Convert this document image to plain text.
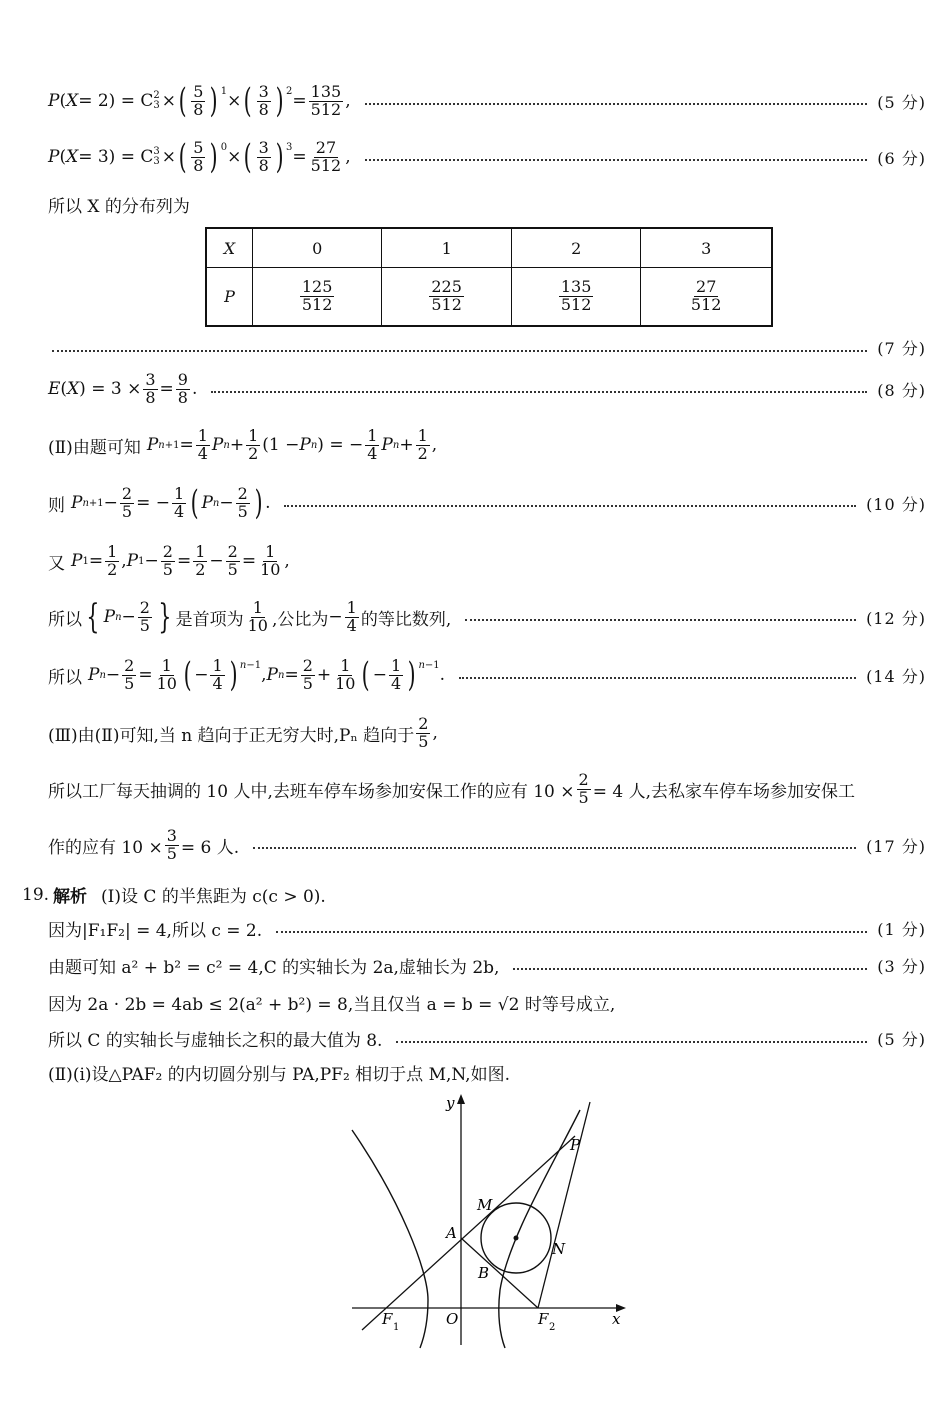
P ( X = 2) = C 2
3 × ( $\frac{5}{8}$ ) $^1$ × ( $\frac{3}{8}$ ) $^2 = \frac{135}{512}$ ,	(5 分)
P ( X = 3) = C 3
3 × ( $\frac{5}{8}$ ) $^0$ × ( $\frac{3}{8}$ ) $^3 = \frac{27}{512}$ ,	(6 分)
所以 X 的分布列为
X	0	1	2	3
P	$\frac{125}{512}$	$\frac{225}{512}$	$\frac{135}{512}$	$\frac{27}{512}$
(7 分)
E ( X ) = $3 \times \frac{3}{8} = \frac{9}{8}$ .	(8 分)
(Ⅱ)由题可知 P $n+1 = \frac{1}{4}$ P $n + \frac{1}{2} (1 - P$ n ) = − $\frac{1}{4}$ P $n + \frac{1}{2}$ ,
则 P $n+1 - \frac{2}{5}$ = − $\frac{1}{4}$ ( P $n - \frac{2}{5}$ ) .	(10 分)
又 P $1 = \frac{1}{2}$ , P $1 - \frac{2}{5} = \frac{1}{2} - \frac{2}{5} = \frac{1}{10}$ ,
所以 { P $n - \frac{2}{5}$ } 是首项为 $\frac{1}{10}$ ,公比为 − $\frac{1}{4}$ 的等比数列,	(12 分)
所以 P $n - \frac{2}{5} = \frac{1}{10}$ ( − $\frac{1}{4}$ ) $^{n-1}$ , P $n = \frac{2}{5} + \frac{1}{10}$ ( − $\frac{1}{4}$ ) $^{n-1}$ .	(14 分)
(Ⅲ)由(Ⅱ)可知,当 n 趋向于正无穷大时,Pₙ 趋向于 $\frac{2}{5}$ ,
所以工厂每天抽调的 10 人中,去班车停车场参加安保工作的应有 $10 \times \frac{2}{5} = 4$ 人,去私家车停车场参加安保工
作的应有 $10 \times \frac{3}{5} = 6$ 人.	(17 分)
19. 解析 (Ⅰ)设 C 的半焦距为 c(c > 0).
因为|F₁F₂| = 4,所以 c = 2.	(1 分)
由题可知 a² + b² = c² = 4,C 的实轴长为 2a,虚轴长为 2b,	(3 分)
因为 2a · 2b = 4ab ≤ 2(a² + b²) = 8,当且仅当 a = b = √2 时等号成立,
所以 C 的实轴长与虚轴长之积的最大值为 8.	(5 分)
(Ⅱ)(ⅰ)设△PAF₂ 的内切圆分别与 PA,PF₂ 相切于点 M,N,如图.
y
x
O
A
B
M
N
P
F 1	F 2
